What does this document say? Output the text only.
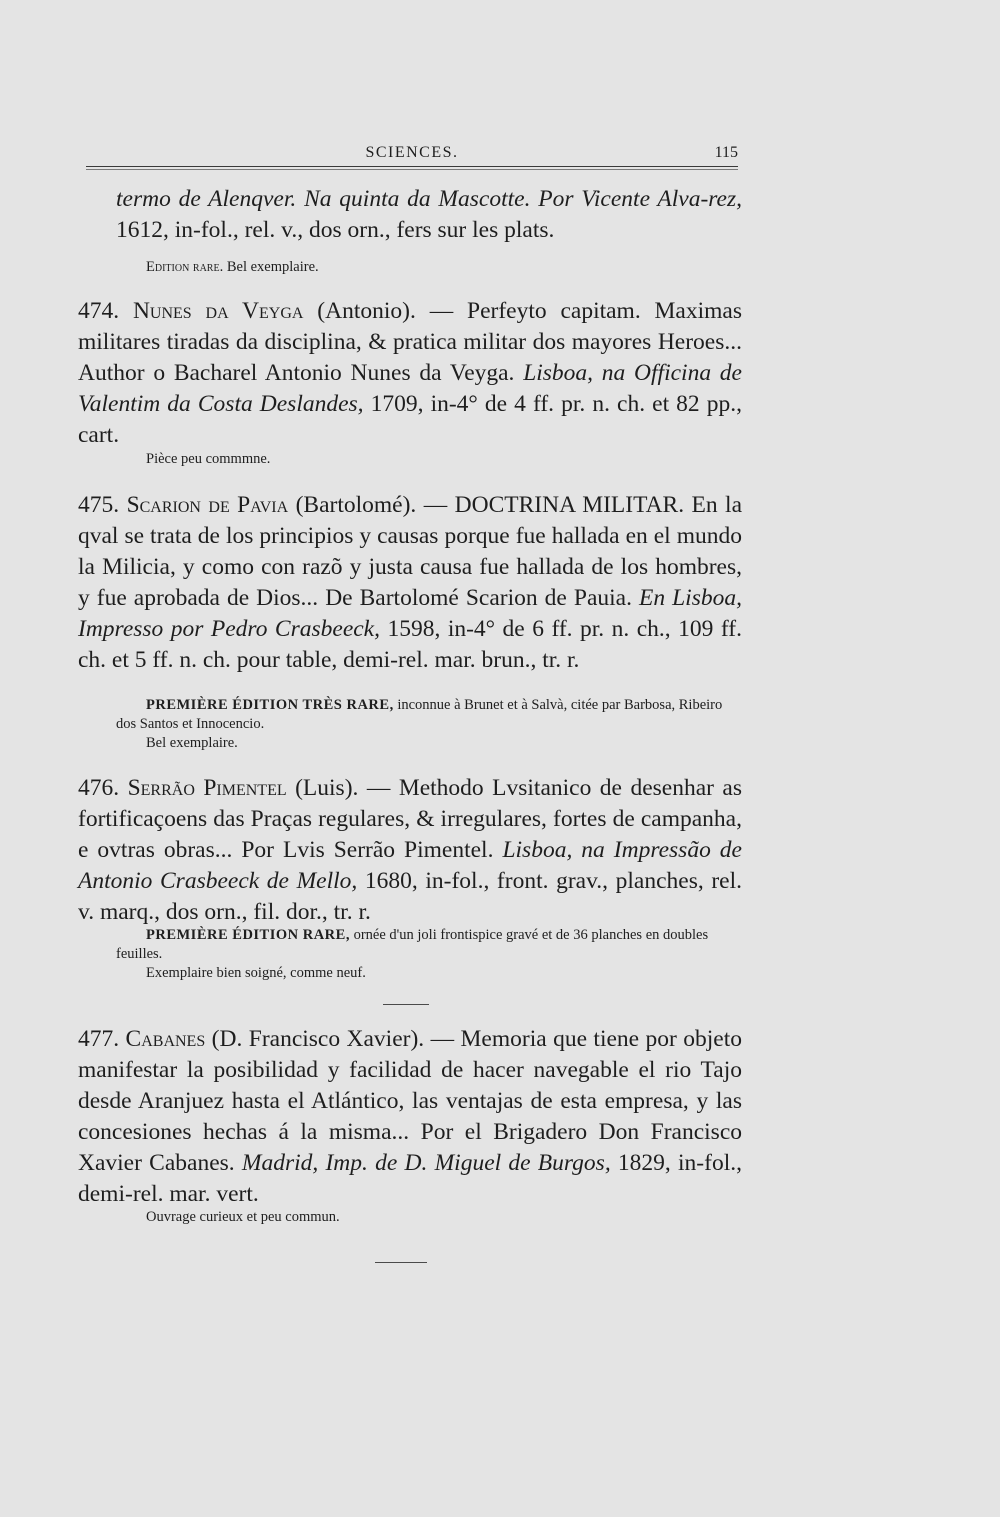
SCIENCES.	115
termo de Alenqver. Na quinta da Mascotte. Por Vicente Alva-rez, 1612, in-fol., rel. v., dos orn., fers sur les plats.
Edition rare. Bel exemplaire.
474. Nunes da Veyga (Antonio). — Perfeyto capitam. Maximas militares tiradas da disciplina, & pratica militar dos mayores Heroes... Author o Bacharel Antonio Nunes da Veyga. Lisboa, na Officina de Valentim da Costa Deslandes, 1709, in-4° de 4 ff. pr. n. ch. et 82 pp., cart.
Pièce peu commmne.
475. Scarion de Pavia (Bartolomé). — DOCTRINA MILITAR. En la qval se trata de los principios y causas porque fue hallada en el mundo la Milicia, y como con razõ y justa causa fue hallada de los hombres, y fue aprobada de Dios... De Bartolomé Scarion de Pauia. En Lisboa, Impresso por Pedro Crasbeeck, 1598, in-4° de 6 ff. pr. n. ch., 109 ff. ch. et 5 ff. n. ch. pour table, demi-rel. mar. brun., tr. r.
PREMIÈRE ÉDITION TRÈS RARE, inconnue à Brunet et à Salvà, citée par Barbosa, Ribeiro dos Santos et Innocencio.
Bel exemplaire.
476. Serrão Pimentel (Luis). — Methodo Lvsitanico de desenhar as fortificaçoens das Praças regulares, & irregulares, fortes de campanha, e ovtras obras... Por Lvis Serrão Pimentel. Lisboa, na Impressão de Antonio Crasbeeck de Mello, 1680, in-fol., front. grav., planches, rel. v. marq., dos orn., fil. dor., tr. r.
PREMIÈRE ÉDITION RARE, ornée d'un joli frontispice gravé et de 36 planches en doubles feuilles.
Exemplaire bien soigné, comme neuf.
477. Cabanes (D. Francisco Xavier). — Memoria que tiene por objeto manifestar la posibilidad y facilidad de hacer navegable el rio Tajo desde Aranjuez hasta el Atlántico, las ventajas de esta empresa, y las concesiones hechas á la misma... Por el Brigadero Don Francisco Xavier Cabanes. Madrid, Imp. de D. Miguel de Burgos, 1829, in-fol., demi-rel. mar. vert.
Ouvrage curieux et peu commun.
